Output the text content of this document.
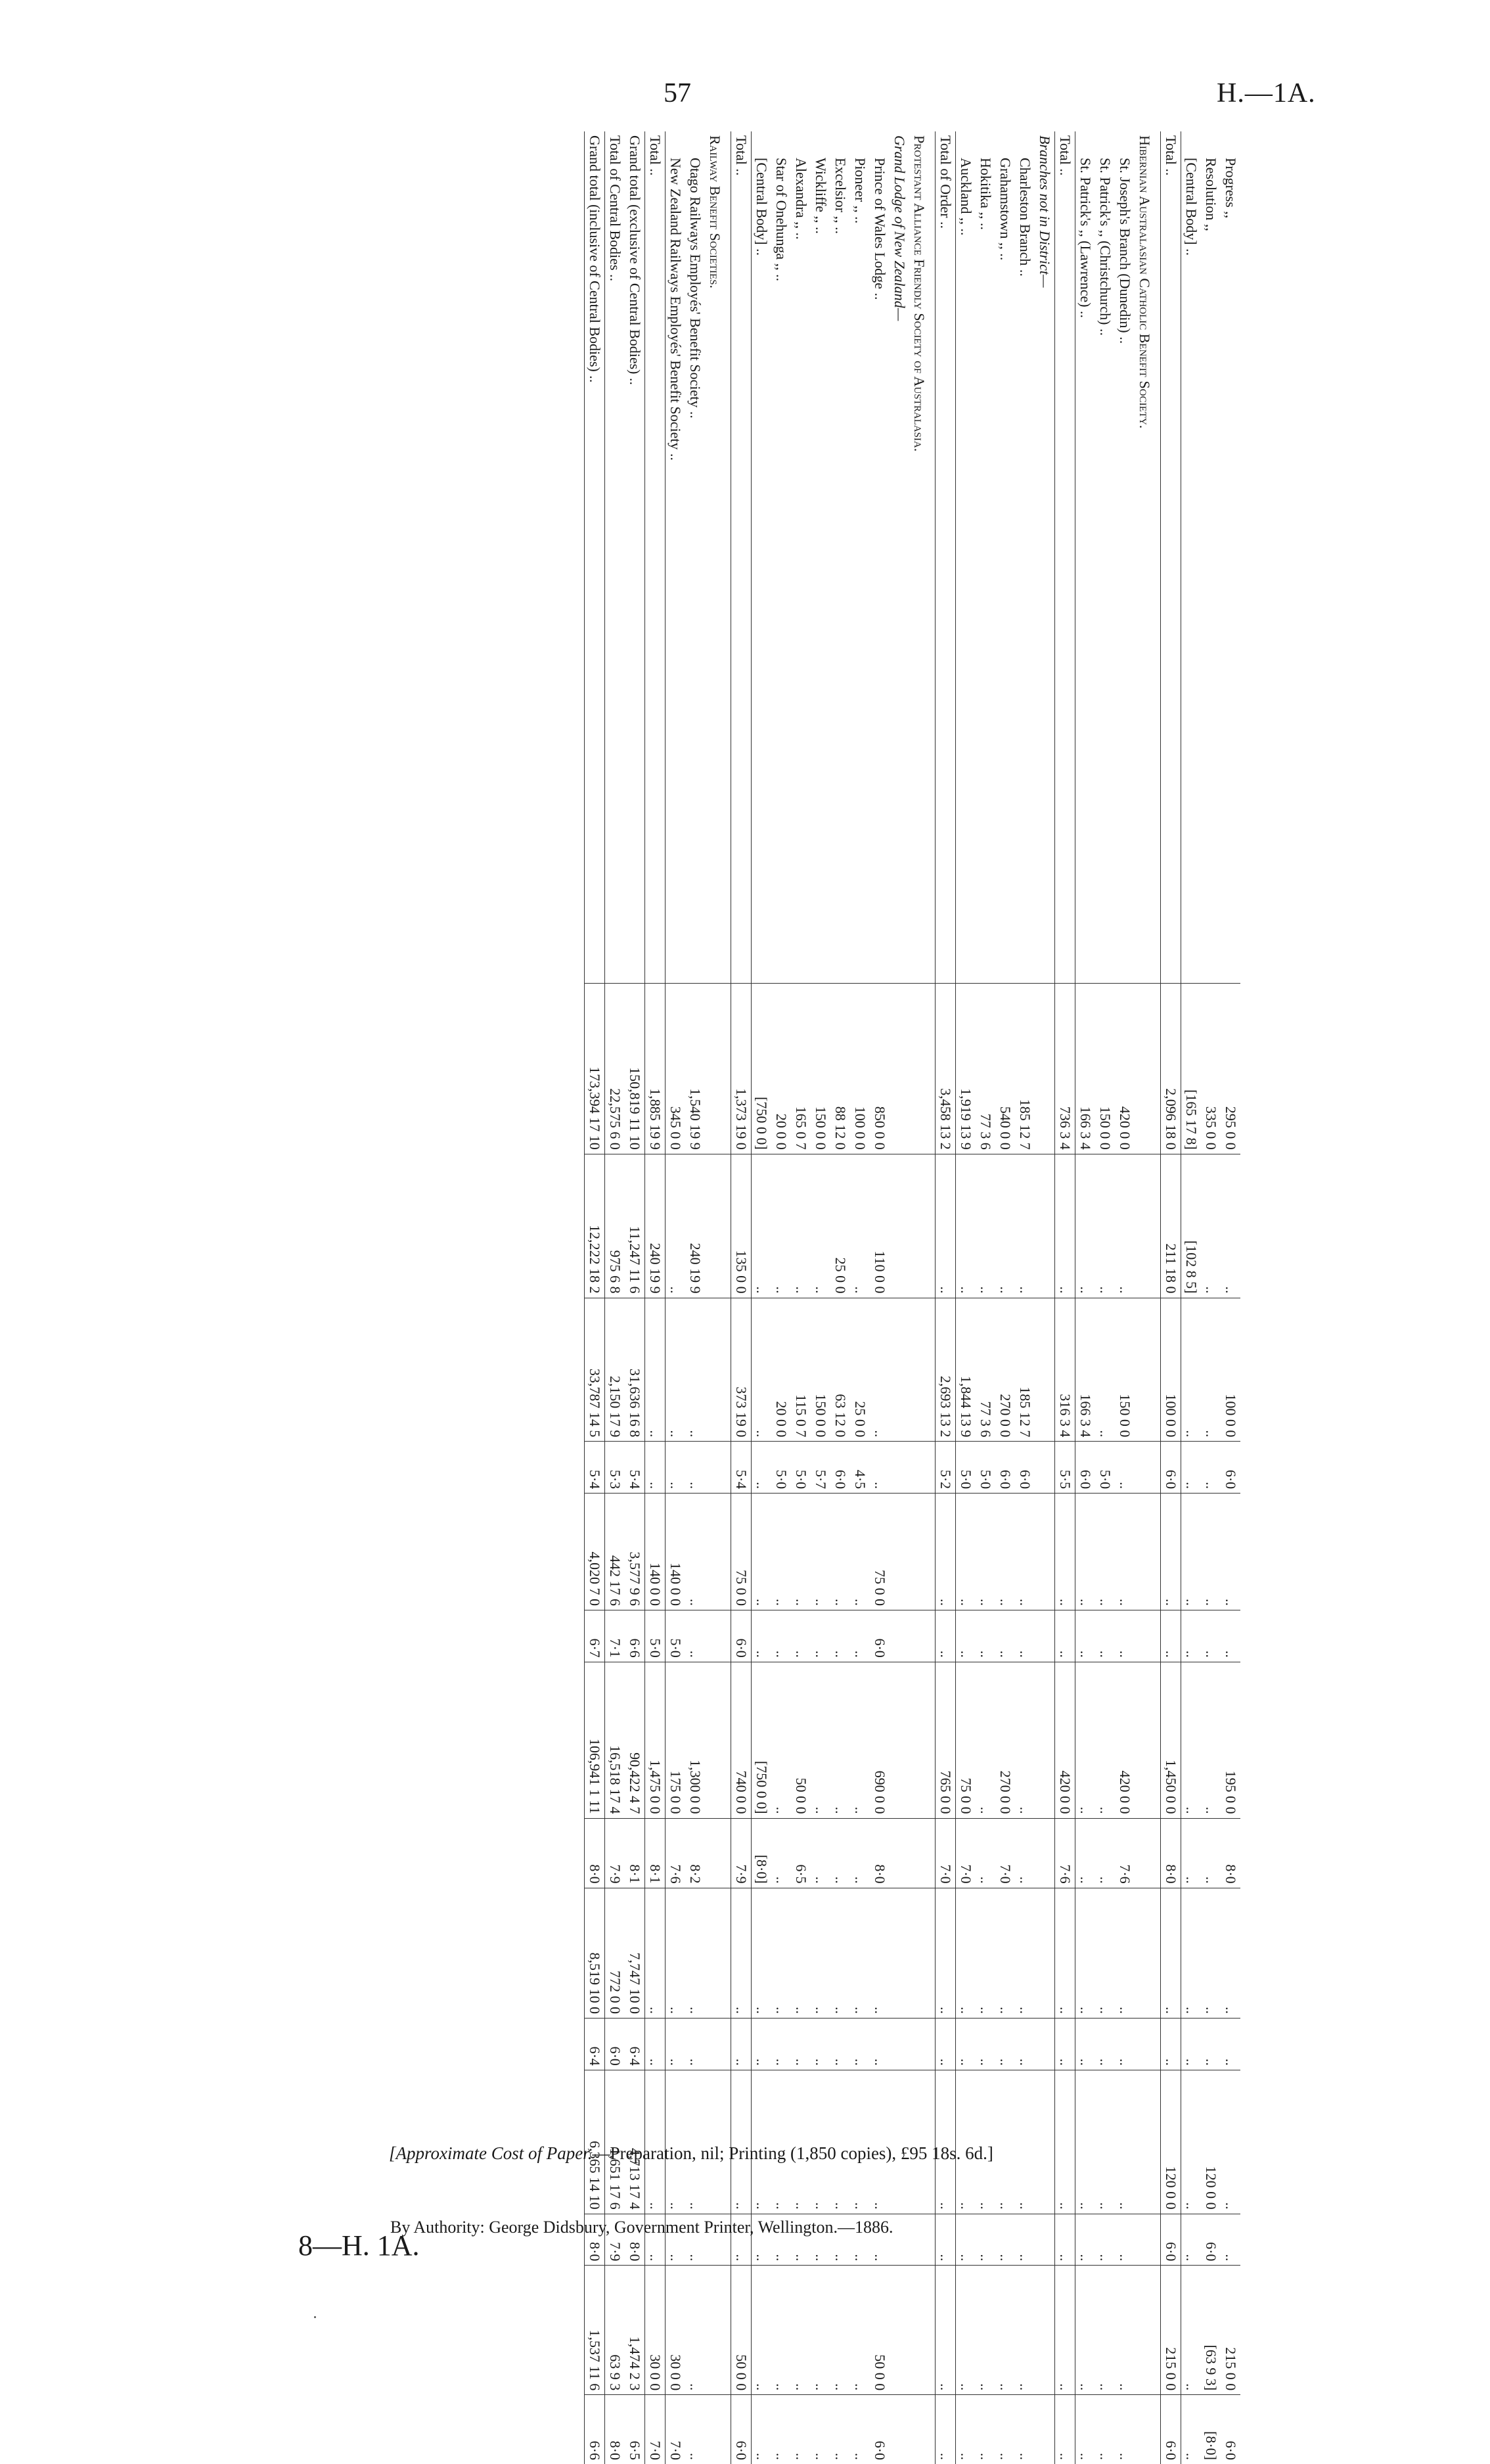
57	H.—1A.
Progress ,,	295 0 0	..	100 0 0	6·0	..	..	195 0 0	8·0	..	..	..	..	215 0 0	6·0
Resolution ,,	335 0 0	..	..	..	..	..	..	..	..	..	120 0 0	6·0	[63 9 3]	[8·0]
[Central Body] ..	[165 17 8]	[102 8 5]	..	..	..	..	..	..	..	..	..	..	..	..
Total ..	2,096 18 0	211 18 0	100 0 0	6·0	..	..	1,450 0 0	8·0	..	..	120 0 0	6·0	215 0 0	6·0
Hibernian Australasian Catholic Benefit Society.														
St. Joseph's Branch (Dunedin) ..	420 0 0	..	150 0 0	..	..	..	420 0 0	7·6	..	..	..	..	..	..
St. Patrick's ,, (Christchurch) ..	150 0 0	..	..	5·0	..	..	..	..	..	..	..	..	..	..
St. Patrick's ,, (Lawrence) ..	166 3 4	..	166 3 4	6·0	..	..	..	..	..	..	..	..	..	..
Total ..	736 3 4	..	316 3 4	5·5	..	..	420 0 0	7·6	..	..	..	..	..	..
Branches not in District—														
Charleston Branch ..	185 12 7	..	185 12 7	6·0	..	..	..	..	..	..	..	..	..	..
Grahamstown ,, ..	540 0 0	..	270 0 0	6·0	..	..	270 0 0	7·0	..	..	..	..	..	..
Hokitika ,, ..	77 3 6	..	77 3 6	5·0	..	..	..	..	..	..	..	..	..	..
Auckland ,, ..	1,919 13 9	..	1,844 13 9	5·0	..	..	75 0 0	7·0	..	..	..	..	..	..
Total of Order ..	3,458 13 2	..	2,693 13 2	5·2	..	..	765 0 0	7·0	..	..	..	..	..	..
Protestant Alliance Friendly Society of Australasia.														
Grand Lodge of New Zealand—														
Prince of Wales Lodge ..	850 0 0	110 0 0	..	..	75 0 0	6·0	690 0 0	8·0	..	..	..	..	50 0 0	6·0
Pioneer ,, ..	100 0 0	..	25 0 0	4·5	..	..	..	..	..	..	..	..	..	..
Excelsior ,, ..	88 12 0	25 0 0	63 12 0	6·0	..	..	..	..	..	..	..	..	..	..
Wickliffe ,, ..	150 0 0	..	150 0 0	5·7	..	..	..	..	..	..	..	..	..	..
Alexandra ,, ..	165 0 7	..	115 0 7	5·0	..	..	50 0 0	6·5	..	..	..	..	..	..
Star of Onehunga ,, ..	20 0 0	..	20 0 0	5·0	..	..	..	..	..	..	..	..	..	..
[Central Body] ..	[750 0 0]	..	..	..	..	..	[750 0 0]	[8·0]	..	..	..	..	..	..
Total ..	1,373 19 0	135 0 0	373 19 0	5·4	75 0 0	6·0	740 0 0	7·9	..	..	..	..	50 0 0	6·0
Railway Benefit Societies.														
Otago Railways Employés' Benefit Society ..	1,540 19 9	240 19 9	..	..	..	..	1,300 0 0	8·2	..	..	..	..	..	..
New Zealand Railways Employés' Benefit Society ..	345 0 0	..	..	..	140 0 0	5·0	175 0 0	7·6	..	..	..	..	30 0 0	7·0
Total ..	1,885 19 9	240 19 9	..	..	140 0 0	5·0	1,475 0 0	8·1	..	..	..	..	30 0 0	7·0
Grand total (exclusive of Central Bodies) ..	150,819 11 10	11,247 11 6	31,636 16 8	5·4	3,577 9 6	6·6	90,422 4 7	8·1	7,747 10 0	6·4	4,713 17 4	8·0	1,474 2 3	6·5
Total of Central Bodies ..	22,575 6 0	975 6 8	2,150 17 9	5·3	442 17 6	7·1	16,518 17 4	7·9	772 0 0	6·0	1,651 17 6	7·9	63 9 3	8·0
Grand total (inclusive of Central Bodies) ..	173,394 17 10	12,222 18 2	33,787 14 5	5·4	4,020 7 0	6·7	106,941 1 11	8·0	8,519 10 0	6·4	6,365 14 10	8·0	1,537 11 6	6·6
[Approximate Cost of Paper.—Preparation, nil; Printing (1,850 copies), £95 18s. 6d.]
By Authority: George Didsbury, Government Printer, Wellington.—1886.
8—H. 1A.
